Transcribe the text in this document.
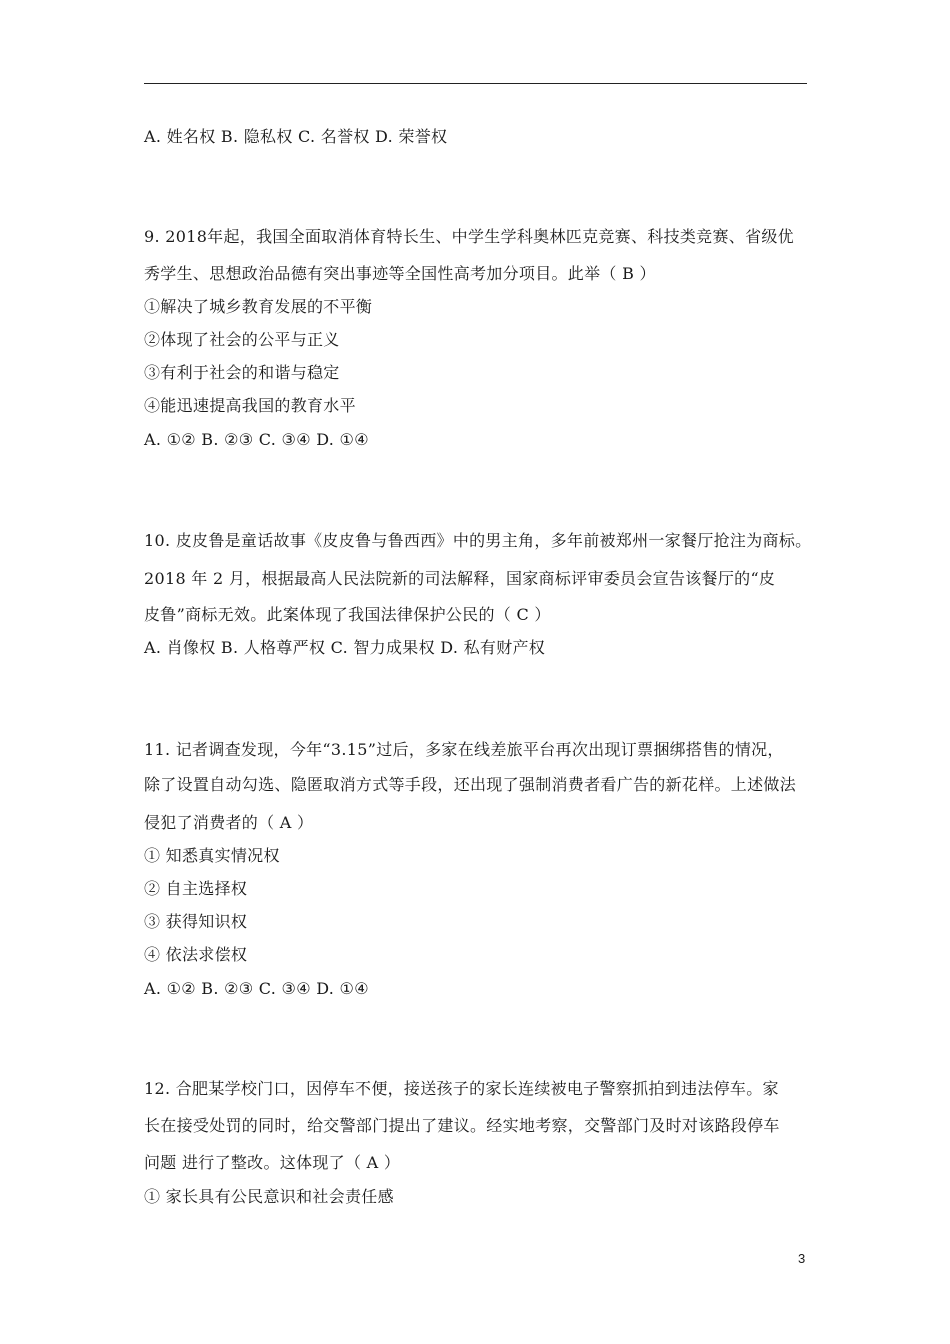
A. 姓名权 B. 隐私权 C. 名誉权 D. 荣誉权
9. 2018年起，我国全面取消体育特长生、中学生学科奥林匹克竞赛、科技类竞赛、省级优
秀学生、思想政治品德有突出事迹等全国性高考加分项目。此举（ B ）
①解决了城乡教育发展的不平衡
②体现了社会的公平与正义
③有利于社会的和谐与稳定
④能迅速提高我国的教育水平
A. ①② B. ②③ C. ③④ D. ①④
10. 皮皮鲁是童话故事《皮皮鲁与鲁西西》中的男主角，多年前被郑州一家餐厅抢注为商标。
2018 年 2 月，根据最高人民法院新的司法解释，国家商标评审委员会宣告该餐厅的“皮
皮鲁”商标无效。此案体现了我国法律保护公民的（ C ）
A. 肖像权 B. 人格尊严权 C. 智力成果权 D. 私有财产权
11. 记者调查发现，今年“3.15”过后，多家在线差旅平台再次出现订票捆绑搭售的情况，
除了设置自动勾选、隐匿取消方式等手段，还出现了强制消费者看广告的新花样。上述做法
侵犯了消费者的（ A ）
① 知悉真实情况权
② 自主选择权
③ 获得知识权
④ 依法求偿权
A. ①② B. ②③ C. ③④ D. ①④
12. 合肥某学校门口，因停车不便，接送孩子的家长连续被电子警察抓拍到违法停车。家
长在接受处罚的同时，给交警部门提出了建议。经实地考察，交警部门及时对该路段停车
问题 进行了整改。这体现了（ A ）
① 家长具有公民意识和社会责任感
3
